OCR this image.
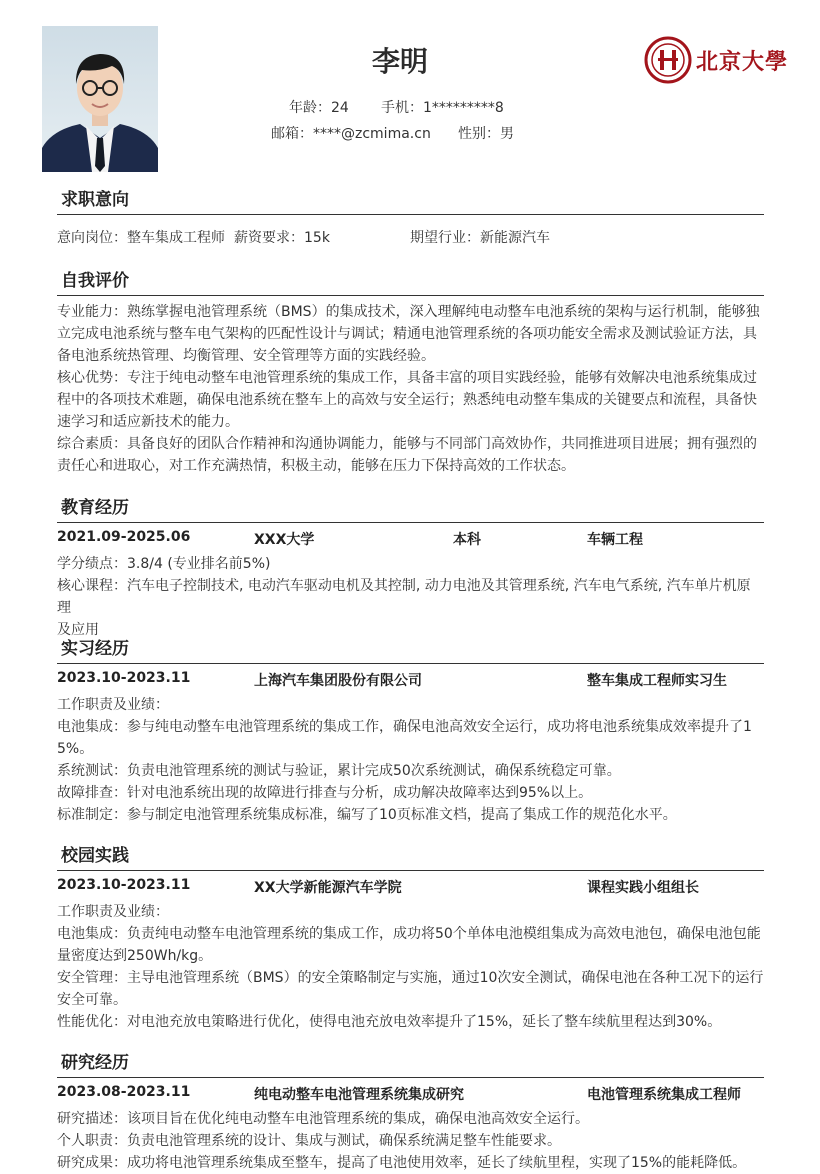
李明
年龄：24 手机：1*********8
邮箱：****@zcmima.cn 性别：男
北京大學
求职意向
意向岗位：整车集成工程师 薪资要求：15k	期望行业：新能源汽车
自我评价
专业能力：熟练掌握电池管理系统（BMS）的集成技术，深入理解纯电动整车电池系统的架构与运行机制，能够独
立完成电池系统与整车电气架构的匹配性设计与调试；精通电池管理系统的各项功能安全需求及测试验证方法，具
备电池系统热管理、均衡管理、安全管理等方面的实践经验。
核心优势：专注于纯电动整车电池管理系统的集成工作，具备丰富的项目实践经验，能够有效解决电池系统集成过
程中的各项技术难题，确保电池系统在整车上的高效与安全运行；熟悉纯电动整车集成的关键要点和流程，具备快
速学习和适应新技术的能力。
综合素质：具备良好的团队合作精神和沟通协调能力，能够与不同部门高效协作，共同推进项目进展；拥有强烈的
责任心和进取心，对工作充满热情，积极主动，能够在压力下保持高效的工作状态。
教育经历
2021.09-2025.06	XXX大学	本科	车辆工程
学分绩点：3.8/4 (专业排名前5%)
核心课程：汽车电子控制技术, 电动汽车驱动电机及其控制, 动力电池及其管理系统, 汽车电气系统, 汽车单片机原理
及应用
实习经历
2023.10-2023.11	上海汽车集团股份有限公司	整车集成工程师实习生
工作职责及业绩：
电池集成：参与纯电动整车电池管理系统的集成工作，确保电池高效安全运行，成功将电池系统集成效率提升了1
5%。
系统测试：负责电池管理系统的测试与验证，累计完成50次系统测试，确保系统稳定可靠。
故障排查：针对电池系统出现的故障进行排查与分析，成功解决故障率达到95%以上。
标准制定：参与制定电池管理系统集成标准，编写了10页标准文档，提高了集成工作的规范化水平。
校园实践
2023.10-2023.11	XX大学新能源汽车学院	课程实践小组组长
工作职责及业绩：
电池集成：负责纯电动整车电池管理系统的集成工作，成功将50个单体电池模组集成为高效电池包，确保电池包能
量密度达到250Wh/kg。
安全管理：主导电池管理系统（BMS）的安全策略制定与实施，通过10次安全测试，确保电池在各种工况下的运行
安全可靠。
性能优化：对电池充放电策略进行优化，使得电池充放电效率提升了15%，延长了整车续航里程达到30%。
研究经历
2023.08-2023.11	纯电动整车电池管理系统集成研究	电池管理系统集成工程师
研究描述：该项目旨在优化纯电动整车电池管理系统的集成，确保电池高效安全运行。
个人职责：负责电池管理系统的设计、集成与测试，确保系统满足整车性能要求。
研究成果：成功将电池管理系统集成至整车，提高了电池使用效率，延长了续航里程，实现了15%的能耗降低。
